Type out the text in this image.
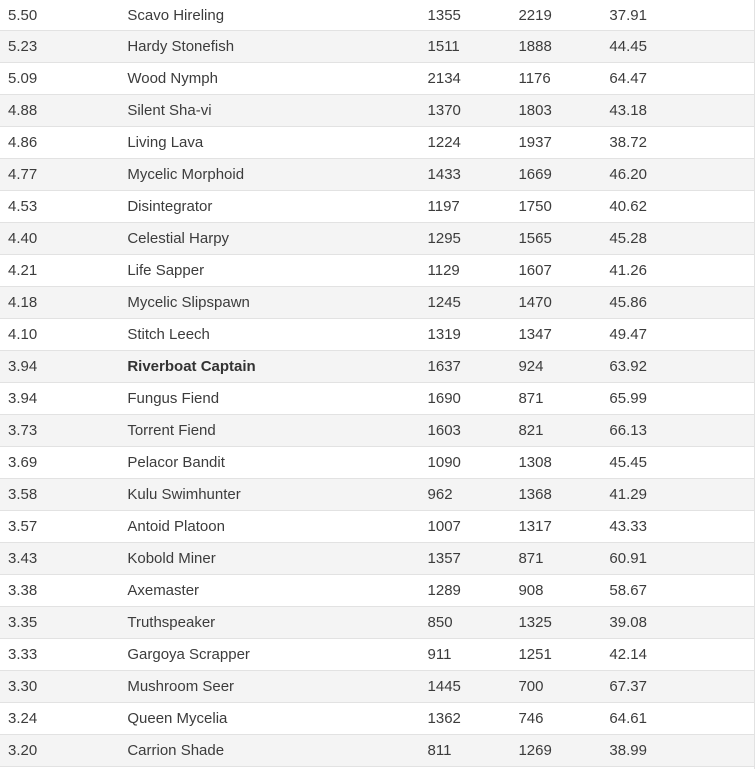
5.50	Scavo Hireling	1355	2219	37.91
5.23	Hardy Stonefish	1511	1888	44.45
5.09	Wood Nymph	2134	1176	64.47
4.88	Silent Sha-vi	1370	1803	43.18
4.86	Living Lava	1224	1937	38.72
4.77	Mycelic Morphoid	1433	1669	46.20
4.53	Disintegrator	1197	1750	40.62
4.40	Celestial Harpy	1295	1565	45.28
4.21	Life Sapper	1129	1607	41.26
4.18	Mycelic Slipspawn	1245	1470	45.86
4.10	Stitch Leech	1319	1347	49.47
3.94	Riverboat Captain	1637	924	63.92
3.94	Fungus Fiend	1690	871	65.99
3.73	Torrent Fiend	1603	821	66.13
3.69	Pelacor Bandit	1090	1308	45.45
3.58	Kulu Swimhunter	962	1368	41.29
3.57	Antoid Platoon	1007	1317	43.33
3.43	Kobold Miner	1357	871	60.91
3.38	Axemaster	1289	908	58.67
3.35	Truthspeaker	850	1325	39.08
3.33	Gargoya Scrapper	911	1251	42.14
3.30	Mushroom Seer	1445	700	67.37
3.24	Queen Mycelia	1362	746	64.61
3.20	Carrion Shade	811	1269	38.99
